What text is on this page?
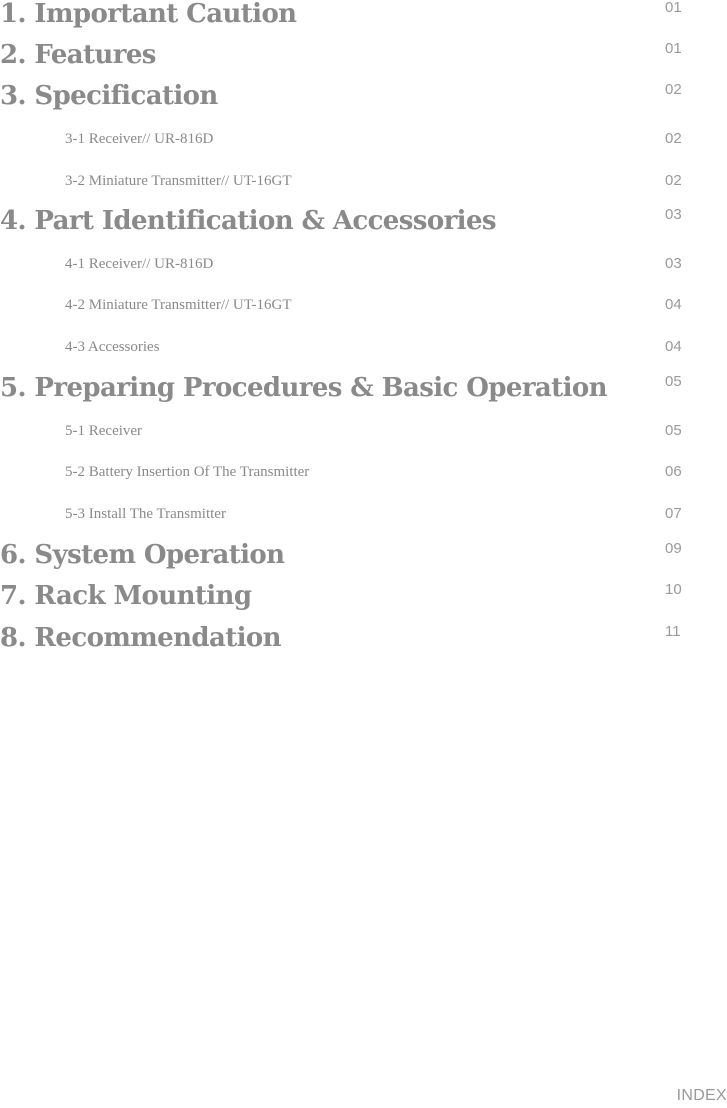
1. Important Caution	01
2. Features	01
3. Specification	02
3-1 Receiver// UR-816D	02
3-2 Miniature Transmitter// UT-16GT	02
4. Part Identification & Accessories	03
4-1 Receiver// UR-816D	03
4-2 Miniature Transmitter// UT-16GT	04
4-3 Accessories	04
5. Preparing Procedures & Basic Operation	05
5-1 Receiver	05
5-2 Battery Insertion Of The Transmitter	06
5-3 Install The Transmitter	07
6. System Operation	09
7. Rack Mounting	10
8. Recommendation	11
INDEX
